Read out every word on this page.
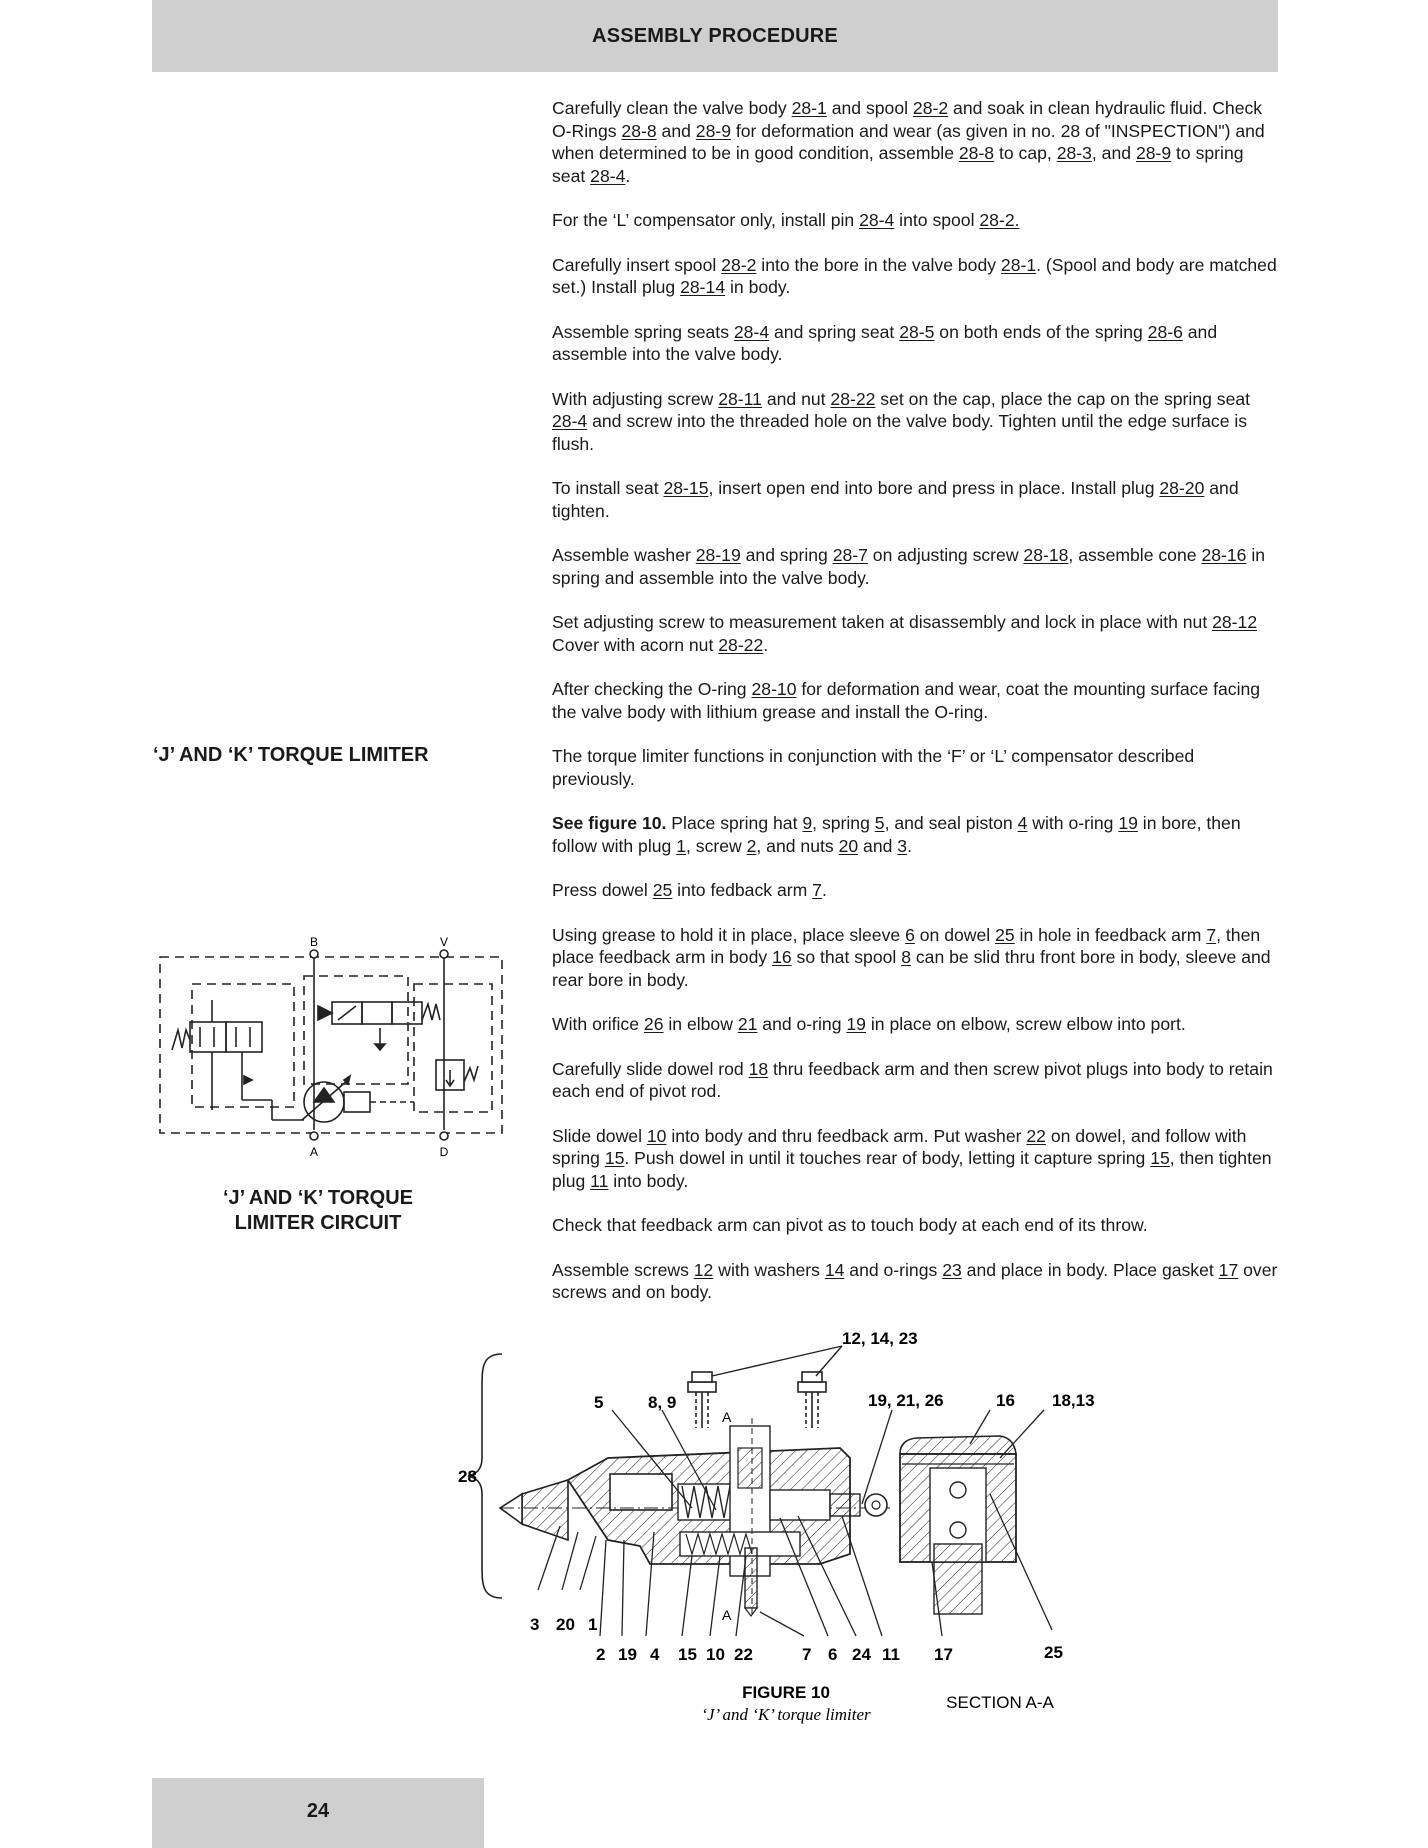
ASSEMBLY PROCEDURE

Carefully clean the valve body 28-1 and spool 28-2 and soak in clean hydraulic fluid. Check O-Rings 28-8 and 28-9 for deformation and wear (as given in no. 28 of "INSPECTION") and when determined to be in good condition, assemble 28-8 to cap, 28-3, and 28-9 to spring seat 28-4.

For the ‘L’ compensator only, install pin 28-4 into spool 28-2.

Carefully insert spool 28-2 into the bore in the valve body 28-1. (Spool and body are matched set.) Install plug 28-14 in body.

Assemble spring seats 28-4 and spring seat 28-5 on both ends of the spring 28-6 and assemble into the valve body.

With adjusting screw 28-11 and nut 28-22 set on the cap, place the cap on the spring seat 28-4 and screw into the threaded hole on the valve body. Tighten until the edge surface is flush.

To install seat 28-15, insert open end into bore and press in place. Install plug 28-20 and tighten.

Assemble washer 28-19 and spring 28-7 on adjusting screw 28-18, assemble cone 28-16 in spring and assemble into the valve body.

Set adjusting screw to measurement taken at disassembly and lock in place with nut 28-12 Cover with acorn nut 28-22.

After checking the O-ring 28-10 for deformation and wear, coat the mounting surface facing the valve body with lithium grease and install the O-ring.

The torque limiter functions in conjunction with the ‘F’ or ‘L’ compensator described previously.

See figure 10. Place spring hat 9, spring 5, and seal piston 4 with o-ring 19 in bore, then follow with plug 1, screw 2, and nuts 20 and 3.

Press dowel 25 into fedback arm 7.

Using grease to hold it in place, place sleeve 6 on dowel 25 in hole in feedback arm 7, then place feedback arm in body 16 so that spool 8 can be slid thru front bore in body, sleeve and rear bore in body.

With orifice 26 in elbow 21 and o-ring 19 in place on elbow, screw elbow into port.

Carefully slide dowel rod 18 thru feedback arm and then screw pivot plugs into body to retain each end of pivot rod.

Slide dowel 10 into body and thru feedback arm. Put washer 22 on dowel, and follow with spring 15. Push dowel in until it touches rear of body, letting it capture spring 15, then tighten plug 11 into body.

Check that feedback arm can pivot as to touch body at each end of its throw.

Assemble screws 12 with washers 14 and o-rings 23 and place in body. Place gasket 17 over screws and on body.

‘J’ AND ‘K’ TORQUE LIMITER
B	V
A	D
‘J’ AND ‘K’ TORQUE
LIMITER CIRCUIT
28
12, 14, 23
A
A
5	8, 9	19, 21, 26	16 18,13
3 20 1
2 19 4 15 10 22	7 6 24 11 17	25
FIGURE 10
‘J’ and ‘K’ torque limiter
SECTION A-A
24
